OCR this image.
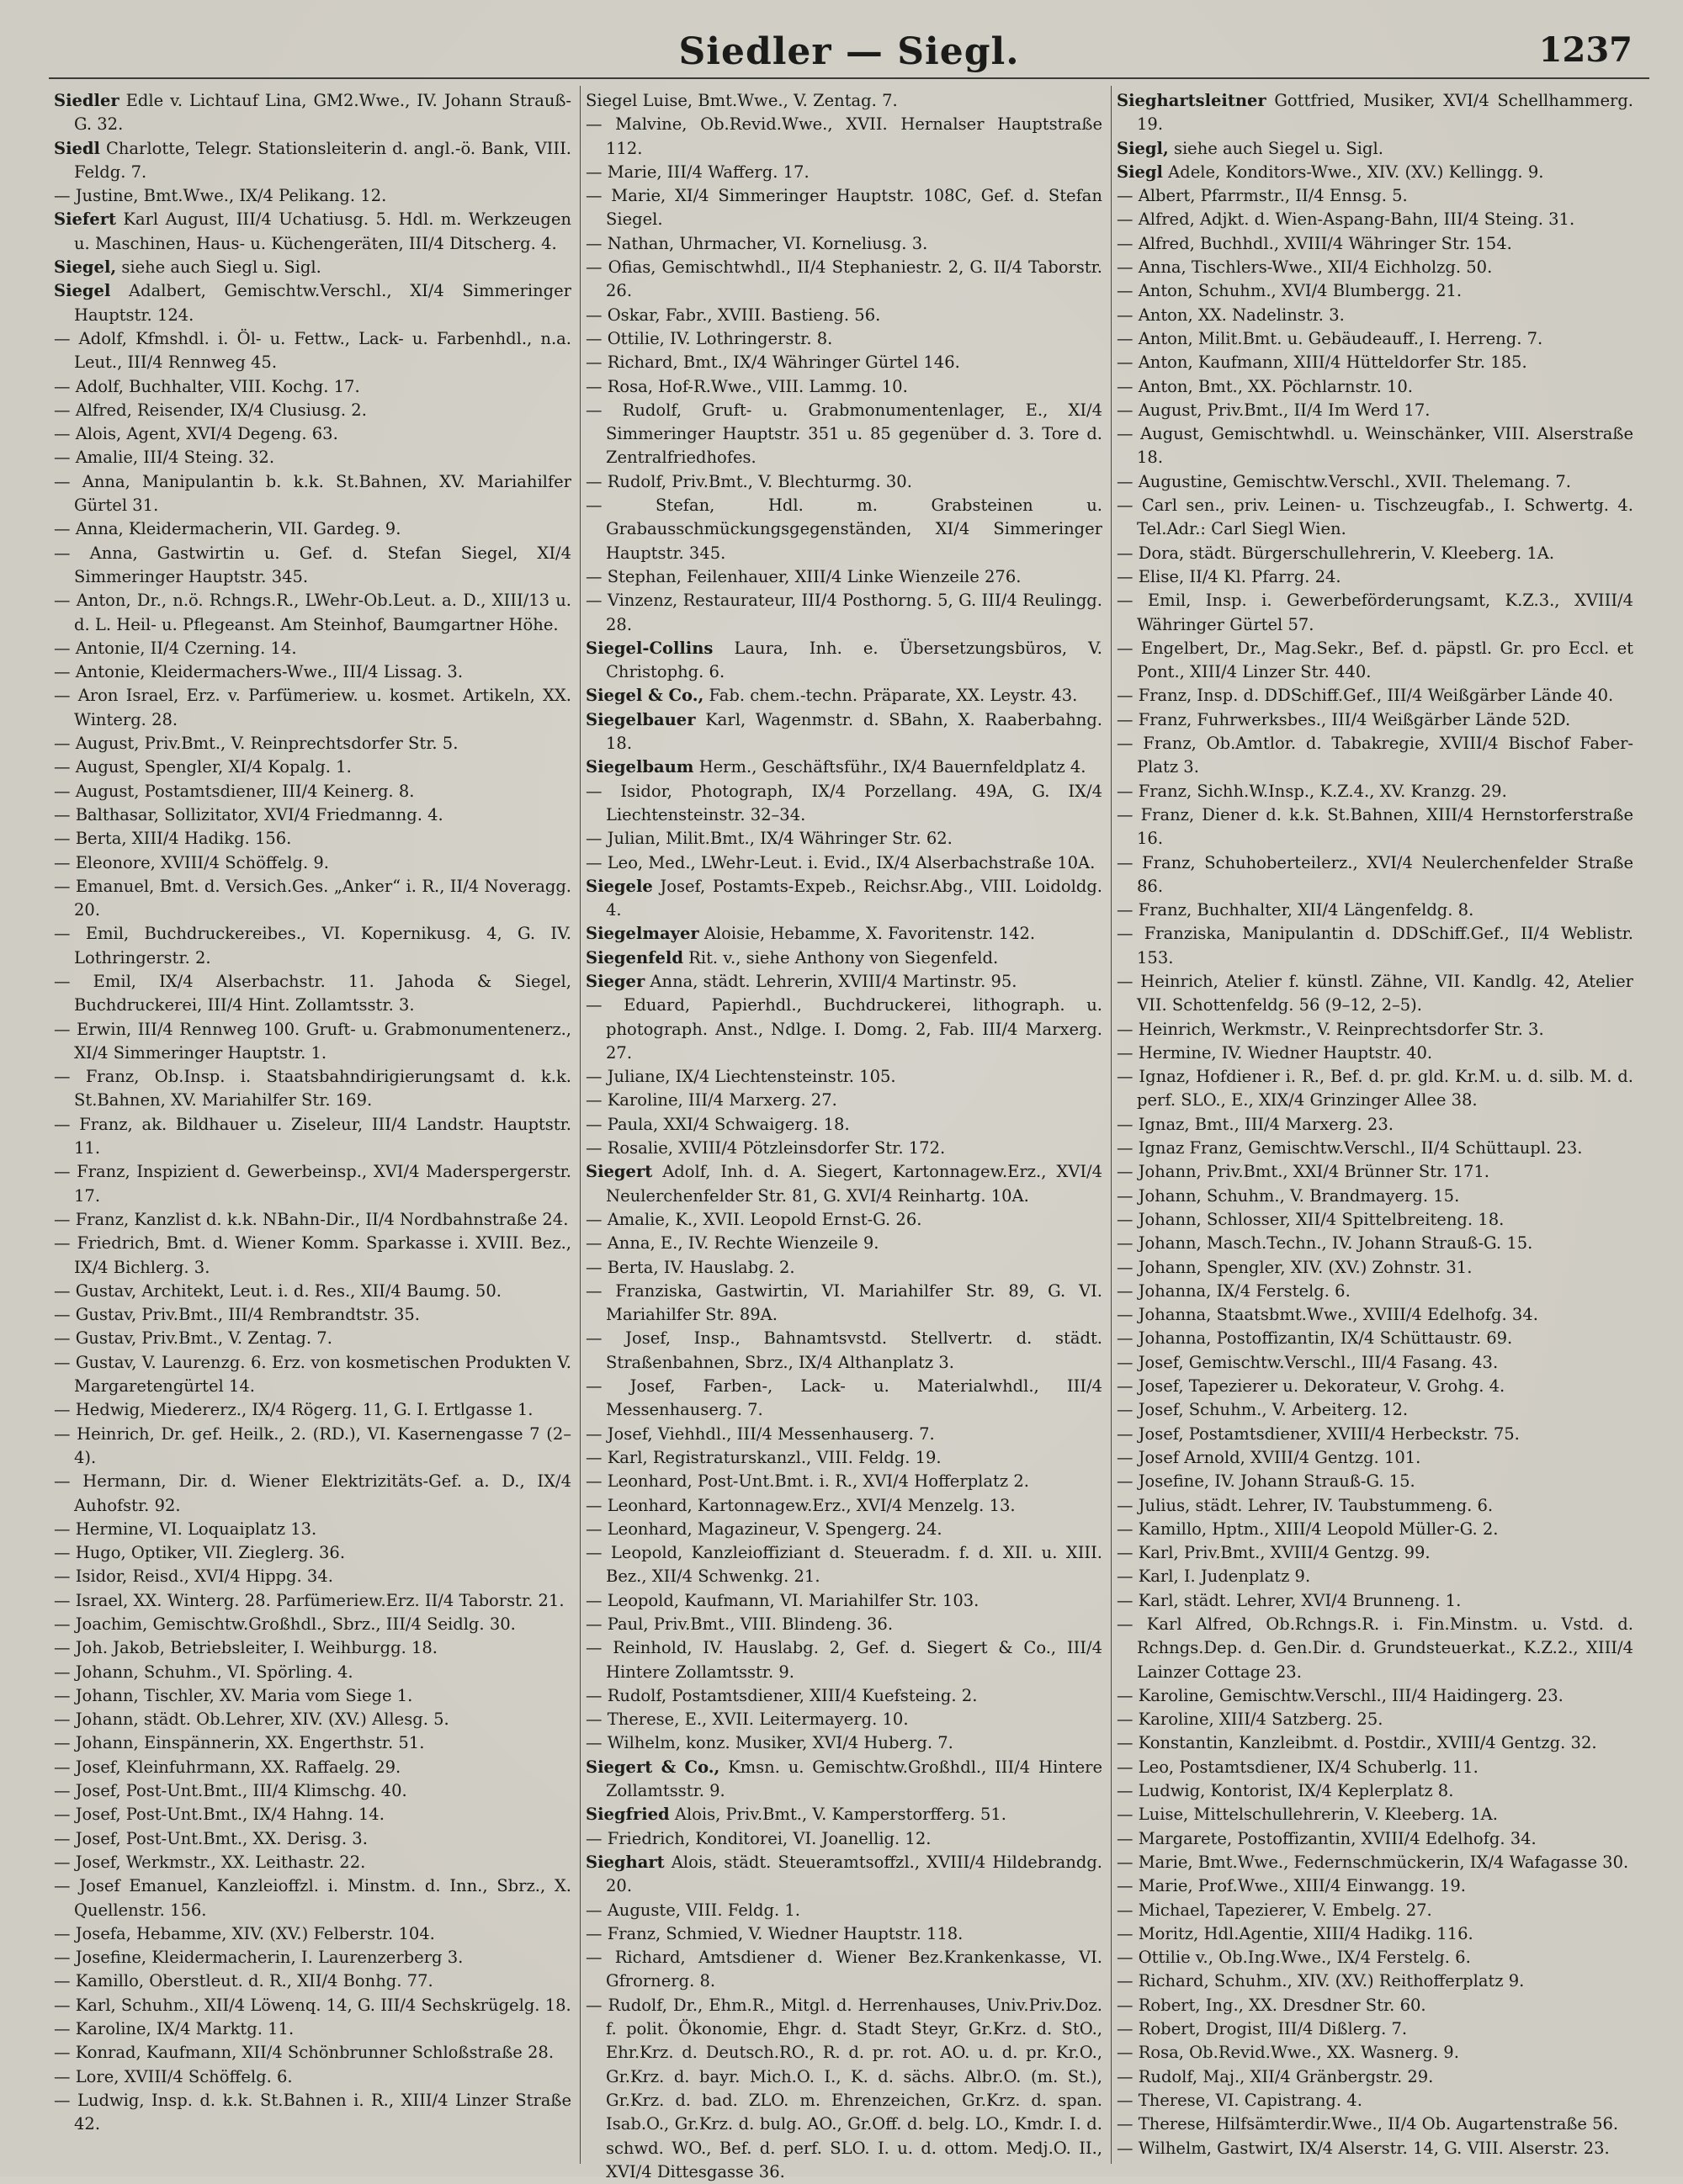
Siedler — Siegl.	1237

Siedler Edle v. Lichtauf Lina, GM2.Wwe., IV. Johann Strauß-G. 32.

Siedl Charlotte, Telegr. Stationsleiterin d. angl.-ö. Bank, VIII. Feldg. 7.

— Justine, Bmt.Wwe., IX/4 Pelikang. 12.

Siefert Karl August, III/4 Uchatiusg. 5. Hdl. m. Werkzeugen u. Maschinen, Haus- u. Küchengeräten, III/4 Ditscherg. 4.

Siegel, siehe auch Siegl u. Sigl.

Siegel Adalbert, Gemischtw.Verschl., XI/4 Simmeringer Hauptstr. 124.

— Adolf, Kfmshdl. i. Öl- u. Fettw., Lack- u. Farbenhdl., n.a. Leut., III/4 Rennweg 45.

— Adolf, Buchhalter, VIII. Kochg. 17.

— Alfred, Reisender, IX/4 Clusiusg. 2.

— Alois, Agent, XVI/4 Degeng. 63.

— Amalie, III/4 Steing. 32.

— Anna, Manipulantin b. k.k. St.Bahnen, XV. Mariahilfer Gürtel 31.

— Anna, Kleidermacherin, VII. Gardeg. 9.

— Anna, Gastwirtin u. Gef. d. Stefan Siegel, XI/4 Simmeringer Hauptstr. 345.

— Anton, Dr., n.ö. Rchngs.R., LWehr-Ob.Leut. a. D., XIII/13 u. d. L. Heil- u. Pflegeanst. Am Steinhof, Baumgartner Höhe.

— Antonie, II/4 Czerning. 14.

— Antonie, Kleidermachers-Wwe., III/4 Lissag. 3.

— Aron Israel, Erz. v. Parfümeriew. u. kosmet. Artikeln, XX. Winterg. 28.

— August, Priv.Bmt., V. Reinprechtsdorfer Str. 5.

— August, Spengler, XI/4 Kopalg. 1.

— August, Postamtsdiener, III/4 Keinerg. 8.

— Balthasar, Sollizitator, XVI/4 Friedmanng. 4.

— Berta, XIII/4 Hadikg. 156.

— Eleonore, XVIII/4 Schöffelg. 9.

— Emanuel, Bmt. d. Versich.Ges. „Anker“ i. R., II/4 Noveragg. 20.

— Emil, Buchdruckereibes., VI. Kopernikusg. 4, G. IV. Lothringerstr. 2.

— Emil, IX/4 Alserbachstr. 11. Jahoda & Siegel, Buchdruckerei, III/4 Hint. Zollamtsstr. 3.

— Erwin, III/4 Rennweg 100. Gruft- u. Grabmonumentenerz., XI/4 Simmeringer Hauptstr. 1.

— Franz, Ob.Insp. i. Staatsbahndirigierungsamt d. k.k. St.Bahnen, XV. Mariahilfer Str. 169.

— Franz, ak. Bildhauer u. Ziseleur, III/4 Landstr. Hauptstr. 11.

— Franz, Inspizient d. Gewerbeinsp., XVI/4 Maderspergerstr. 17.

— Franz, Kanzlist d. k.k. NBahn-Dir., II/4 Nordbahnstraße 24.

— Friedrich, Bmt. d. Wiener Komm. Sparkasse i. XVIII. Bez., IX/4 Bichlerg. 3.

— Gustav, Architekt, Leut. i. d. Res., XII/4 Baumg. 50.

— Gustav, Priv.Bmt., III/4 Rembrandtstr. 35.

— Gustav, Priv.Bmt., V. Zentag. 7.

— Gustav, V. Laurenzg. 6. Erz. von kosmetischen Produkten V. Margaretengürtel 14.

— Hedwig, Miedererz., IX/4 Rögerg. 11, G. I. Ertlgasse 1.

— Heinrich, Dr. gef. Heilk., 2. (RD.), VI. Kasernengasse 7 (2–4).

— Hermann, Dir. d. Wiener Elektrizitäts-Gef. a. D., IX/4 Auhofstr. 92.

— Hermine, VI. Loquaiplatz 13.

— Hugo, Optiker, VII. Zieglerg. 36.

— Isidor, Reisd., XVI/4 Hippg. 34.

— Israel, XX. Winterg. 28. Parfümeriew.Erz. II/4 Taborstr. 21.

— Joachim, Gemischtw.Großhdl., Sbrz., III/4 Seidlg. 30.

— Joh. Jakob, Betriebsleiter, I. Weihburgg. 18.

— Johann, Schuhm., VI. Spörling. 4.

— Johann, Tischler, XV. Maria vom Siege 1.

— Johann, städt. Ob.Lehrer, XIV. (XV.) Allesg. 5.

— Johann, Einspännerin, XX. Engerthstr. 51.

— Josef, Kleinfuhrmann, XX. Raffaelg. 29.

— Josef, Post-Unt.Bmt., III/4 Klimschg. 40.

— Josef, Post-Unt.Bmt., IX/4 Hahng. 14.

— Josef, Post-Unt.Bmt., XX. Derisg. 3.

— Josef, Werkmstr., XX. Leithastr. 22.

— Josef Emanuel, Kanzleioffzl. i. Minstm. d. Inn., Sbrz., X. Quellenstr. 156.

— Josefa, Hebamme, XIV. (XV.) Felberstr. 104.

— Josefine, Kleidermacherin, I. Laurenzerberg 3.

— Kamillo, Oberstleut. d. R., XII/4 Bonhg. 77.

— Karl, Schuhm., XII/4 Löwenq. 14, G. III/4 Sechskrügelg. 18.

— Karoline, IX/4 Marktg. 11.

— Konrad, Kaufmann, XII/4 Schönbrunner Schloßstraße 28.

— Lore, XVIII/4 Schöffelg. 6.

— Ludwig, Insp. d. k.k. St.Bahnen i. R., XIII/4 Linzer Straße 42.

Siegel Luise, Bmt.Wwe., V. Zentag. 7.

— Malvine, Ob.Revid.Wwe., XVII. Hernalser Hauptstraße 112.

— Marie, III/4 Wafferg. 17.

— Marie, XI/4 Simmeringer Hauptstr. 108C, Gef. d. Stefan Siegel.

— Nathan, Uhrmacher, VI. Korneliusg. 3.

— Ofias, Gemischtwhdl., II/4 Stephaniestr. 2, G. II/4 Taborstr. 26.

— Oskar, Fabr., XVIII. Bastieng. 56.

— Ottilie, IV. Lothringerstr. 8.

— Richard, Bmt., IX/4 Währinger Gürtel 146.

— Rosa, Hof-R.Wwe., VIII. Lammg. 10.

— Rudolf, Gruft- u. Grabmonumentenlager, E., XI/4 Simmeringer Hauptstr. 351 u. 85 gegenüber d. 3. Tore d. Zentralfriedhofes.

— Rudolf, Priv.Bmt., V. Blechturmg. 30.

— Stefan, Hdl. m. Grabsteinen u. Grabausschmückungsgegenständen, XI/4 Simmeringer Hauptstr. 345.

— Stephan, Feilenhauer, XIII/4 Linke Wienzeile 276.

— Vinzenz, Restaurateur, III/4 Posthorng. 5, G. III/4 Reulingg. 28.

Siegel-Collins Laura, Inh. e. Übersetzungsbüros, V. Christophg. 6.

Siegel & Co., Fab. chem.-techn. Präparate, XX. Leystr. 43.

Siegelbauer Karl, Wagenmstr. d. SBahn, X. Raaberbahng. 18.

Siegelbaum Herm., Geschäftsführ., IX/4 Bauernfeldplatz 4.

— Isidor, Photograph, IX/4 Porzellang. 49A, G. IX/4 Liechtensteinstr. 32–34.

— Julian, Milit.Bmt., IX/4 Währinger Str. 62.

— Leo, Med., LWehr-Leut. i. Evid., IX/4 Alserbachstraße 10A.

Siegele Josef, Postamts-Expeb., Reichsr.Abg., VIII. Loidoldg. 4.

Siegelmayer Aloisie, Hebamme, X. Favoritenstr. 142.

Siegenfeld Rit. v., siehe Anthony von Siegenfeld.

Sieger Anna, städt. Lehrerin, XVIII/4 Martinstr. 95.

— Eduard, Papierhdl., Buchdruckerei, lithograph. u. photograph. Anst., Ndlge. I. Domg. 2, Fab. III/4 Marxerg. 27.

— Juliane, IX/4 Liechtensteinstr. 105.

— Karoline, III/4 Marxerg. 27.

— Paula, XXI/4 Schwaigerg. 18.

— Rosalie, XVIII/4 Pötzleinsdorfer Str. 172.

Siegert Adolf, Inh. d. A. Siegert, Kartonnagew.Erz., XVI/4 Neulerchenfelder Str. 81, G. XVI/4 Reinhartg. 10A.

— Amalie, K., XVII. Leopold Ernst-G. 26.

— Anna, E., IV. Rechte Wienzeile 9.

— Berta, IV. Hauslabg. 2.

— Franziska, Gastwirtin, VI. Mariahilfer Str. 89, G. VI. Mariahilfer Str. 89A.

— Josef, Insp., Bahnamtsvstd. Stellvertr. d. städt. Straßenbahnen, Sbrz., IX/4 Althanplatz 3.

— Josef, Farben-, Lack- u. Materialwhdl., III/4 Messenhauserg. 7.

— Josef, Viehhdl., III/4 Messenhauserg. 7.

— Karl, Registraturskanzl., VIII. Feldg. 19.

— Leonhard, Post-Unt.Bmt. i. R., XVI/4 Hofferplatz 2.

— Leonhard, Kartonnagew.Erz., XVI/4 Menzelg. 13.

— Leonhard, Magazineur, V. Spengerg. 24.

— Leopold, Kanzleioffiziant d. Steueradm. f. d. XII. u. XIII. Bez., XII/4 Schwenkg. 21.

— Leopold, Kaufmann, VI. Mariahilfer Str. 103.

— Paul, Priv.Bmt., VIII. Blindeng. 36.

— Reinhold, IV. Hauslabg. 2, Gef. d. Siegert & Co., III/4 Hintere Zollamtsstr. 9.

— Rudolf, Postamtsdiener, XIII/4 Kuefsteing. 2.

— Therese, E., XVII. Leitermayerg. 10.

— Wilhelm, konz. Musiker, XVI/4 Huberg. 7.

Siegert & Co., Kmsn. u. Gemischtw.Großhdl., III/4 Hintere Zollamtsstr. 9.

Siegfried Alois, Priv.Bmt., V. Kamperstorfferg. 51.

— Friedrich, Konditorei, VI. Joanellig. 12.

Sieghart Alois, städt. Steueramtsoffzl., XVIII/4 Hildebrandg. 20.

— Auguste, VIII. Feldg. 1.

— Franz, Schmied, V. Wiedner Hauptstr. 118.

— Richard, Amtsdiener d. Wiener Bez.Krankenkasse, VI. Gfrornerg. 8.

— Rudolf, Dr., Ehm.R., Mitgl. d. Herrenhauses, Univ.Priv.Doz. f. polit. Ökonomie, Ehgr. d. Stadt Steyr, Gr.Krz. d. StO., Ehr.Krz. d. Deutsch.RO., R. d. pr. rot. AO. u. d. pr. Kr.O., Gr.Krz. d. bayr. Mich.O. I., K. d. sächs. Albr.O. (m. St.), Gr.Krz. d. bad. ZLO. m. Ehrenzeichen, Gr.Krz. d. span. Isab.O., Gr.Krz. d. bulg. AO., Gr.Off. d. belg. LO., Kmdr. I. d. schwd. WO., Bef. d. perf. SLO. I. u. d. ottom. Medj.O. II., XVI/4 Dittesgasse 36.

Sieghartsleitner Gottfried, Musiker, XVI/4 Schellhammerg. 19.

Siegl, siehe auch Siegel u. Sigl.

Siegl Adele, Konditors-Wwe., XIV. (XV.) Kellingg. 9.

— Albert, Pfarrmstr., II/4 Ennsg. 5.

— Alfred, Adjkt. d. Wien-Aspang-Bahn, III/4 Steing. 31.

— Alfred, Buchhdl., XVIII/4 Währinger Str. 154.

— Anna, Tischlers-Wwe., XII/4 Eichholzg. 50.

— Anton, Schuhm., XVI/4 Blumbergg. 21.

— Anton, XX. Nadelinstr. 3.

— Anton, Milit.Bmt. u. Gebäudeauff., I. Herreng. 7.

— Anton, Kaufmann, XIII/4 Hütteldorfer Str. 185.

— Anton, Bmt., XX. Pöchlarnstr. 10.

— August, Priv.Bmt., II/4 Im Werd 17.

— August, Gemischtwhdl. u. Weinschänker, VIII. Alserstraße 18.

— Augustine, Gemischtw.Verschl., XVII. Thelemang. 7.

— Carl sen., priv. Leinen- u. Tischzeugfab., I. Schwertg. 4. Tel.Adr.: Carl Siegl Wien.

— Dora, städt. Bürgerschullehrerin, V. Kleeberg. 1A.

— Elise, II/4 Kl. Pfarrg. 24.

— Emil, Insp. i. Gewerbeförderungsamt, K.Z.3., XVIII/4 Währinger Gürtel 57.

— Engelbert, Dr., Mag.Sekr., Bef. d. päpstl. Gr. pro Eccl. et Pont., XIII/4 Linzer Str. 440.

— Franz, Insp. d. DDSchiff.Gef., III/4 Weißgärber Lände 40.

— Franz, Fuhrwerksbes., III/4 Weißgärber Lände 52D.

— Franz, Ob.Amtlor. d. Tabakregie, XVIII/4 Bischof Faber-Platz 3.

— Franz, Sichh.W.Insp., K.Z.4., XV. Kranzg. 29.

— Franz, Diener d. k.k. St.Bahnen, XIII/4 Hernstorferstraße 16.

— Franz, Schuhoberteilerz., XVI/4 Neulerchenfelder Straße 86.

— Franz, Buchhalter, XII/4 Längenfeldg. 8.

— Franziska, Manipulantin d. DDSchiff.Gef., II/4 Weblistr. 153.

— Heinrich, Atelier f. künstl. Zähne, VII. Kandlg. 42, Atelier VII. Schottenfeldg. 56 (9–12, 2–5).

— Heinrich, Werkmstr., V. Reinprechtsdorfer Str. 3.

— Hermine, IV. Wiedner Hauptstr. 40.

— Ignaz, Hofdiener i. R., Bef. d. pr. gld. Kr.M. u. d. silb. M. d. perf. SLO., E., XIX/4 Grinzinger Allee 38.

— Ignaz, Bmt., III/4 Marxerg. 23.

— Ignaz Franz, Gemischtw.Verschl., II/4 Schüttaupl. 23.

— Johann, Priv.Bmt., XXI/4 Brünner Str. 171.

— Johann, Schuhm., V. Brandmayerg. 15.

— Johann, Schlosser, XII/4 Spittelbreiteng. 18.

— Johann, Masch.Techn., IV. Johann Strauß-G. 15.

— Johann, Spengler, XIV. (XV.) Zohnstr. 31.

— Johanna, IX/4 Ferstelg. 6.

— Johanna, Staatsbmt.Wwe., XVIII/4 Edelhofg. 34.

— Johanna, Postoffizantin, IX/4 Schüttaustr. 69.

— Josef, Gemischtw.Verschl., III/4 Fasang. 43.

— Josef, Tapezierer u. Dekorateur, V. Grohg. 4.

— Josef, Schuhm., V. Arbeiterg. 12.

— Josef, Postamtsdiener, XVIII/4 Herbeckstr. 75.

— Josef Arnold, XVIII/4 Gentzg. 101.

— Josefine, IV. Johann Strauß-G. 15.

— Julius, städt. Lehrer, IV. Taubstummeng. 6.

— Kamillo, Hptm., XIII/4 Leopold Müller-G. 2.

— Karl, Priv.Bmt., XVIII/4 Gentzg. 99.

— Karl, I. Judenplatz 9.

— Karl, städt. Lehrer, XVI/4 Brunneng. 1.

— Karl Alfred, Ob.Rchngs.R. i. Fin.Minstm. u. Vstd. d. Rchngs.Dep. d. Gen.Dir. d. Grundsteuerkat., K.Z.2., XIII/4 Lainzer Cottage 23.

— Karoline, Gemischtw.Verschl., III/4 Haidingerg. 23.

— Karoline, XIII/4 Satzberg. 25.

— Konstantin, Kanzleibmt. d. Postdir., XVIII/4 Gentzg. 32.

— Leo, Postamtsdiener, IX/4 Schuberlg. 11.

— Ludwig, Kontorist, IX/4 Keplerplatz 8.

— Luise, Mittelschullehrerin, V. Kleeberg. 1A.

— Margarete, Postoffizantin, XVIII/4 Edelhofg. 34.

— Marie, Bmt.Wwe., Federnschmückerin, IX/4 Wafagasse 30.

— Marie, Prof.Wwe., XIII/4 Einwangg. 19.

— Michael, Tapezierer, V. Embelg. 27.

— Moritz, Hdl.Agentie, XIII/4 Hadikg. 116.

— Ottilie v., Ob.Ing.Wwe., IX/4 Ferstelg. 6.

— Richard, Schuhm., XIV. (XV.) Reithofferplatz 9.

— Robert, Ing., XX. Dresdner Str. 60.

— Robert, Drogist, III/4 Dißlerg. 7.

— Rosa, Ob.Revid.Wwe., XX. Wasnerg. 9.

— Rudolf, Maj., XII/4 Gränbergstr. 29.

— Therese, VI. Capistrang. 4.

— Therese, Hilfsämterdir.Wwe., II/4 Ob. Augartenstraße 56.

— Wilhelm, Gastwirt, IX/4 Alserstr. 14, G. VIII. Alserstr. 23.
